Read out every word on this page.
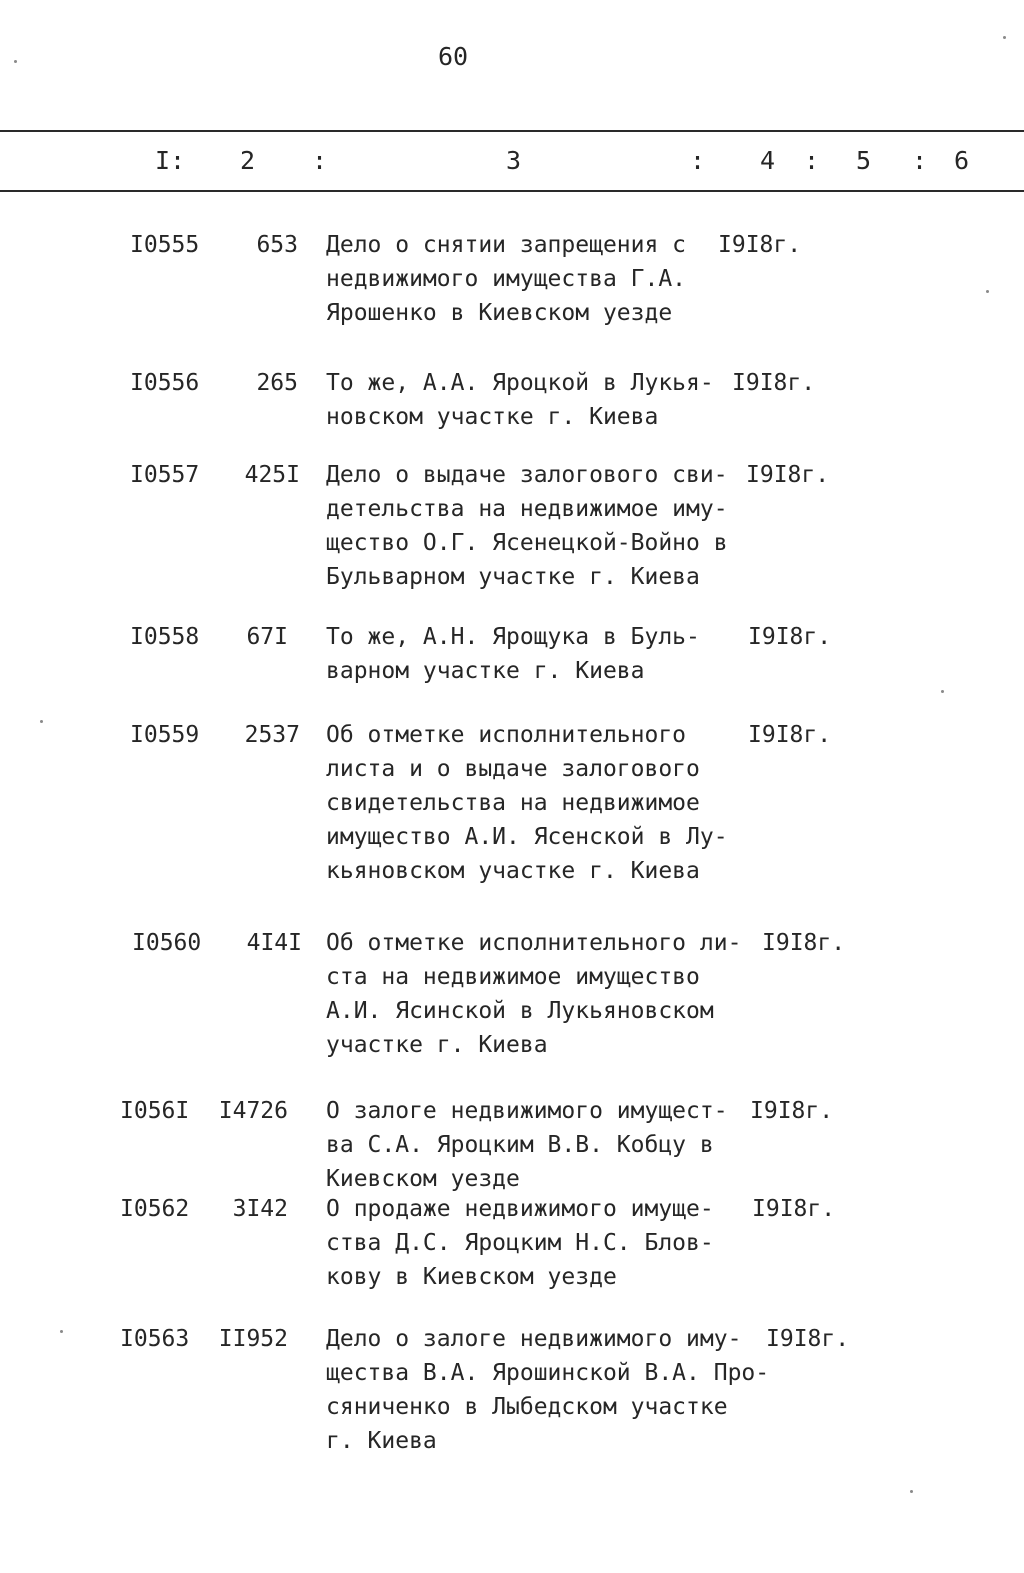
60
I: 2 :	3	: 4 : 5 : 6
I0555	653 Дело о снятии запрещения с
недвижимого имущества Г.А.
Ярошенко в Киевском уезде
I9I8г.
I0556	265 То же, А.А. Яроцкой в Лукья-
новском участке г. Киева
I9I8г.
I0557	425I Дело о выдаче залогового сви-
детельства на недвижимое иму-
щество О.Г. Ясенецкой-Войно в
Бульварном участке г. Киева
I9I8г.
I0558	67I То же, А.Н. Ярощука в Буль-
варном участке г. Киева
I9I8г.
I0559	2537 Об отметке исполнительного
листа и о выдаче залогового
свидетельства на недвижимое
имущество А.И. Ясенской в Лу-
кьяновском участке г. Киева
I9I8г.
I0560	4I4I Об отметке исполнительного ли-
ста на недвижимое имущество
А.И. Ясинской в Лукьяновском
участке г. Киева
I9I8г.
I056I	I4726 О залоге недвижимого имущест-
ва С.А. Яроцким В.В. Кобцу в
Киевском уезде
I9I8г.
I0562	3I42 О продаже недвижимого имуще-
ства Д.С. Яроцким Н.С. Блов-
кову в Киевском уезде
I9I8г.
I0563	II952 Дело о залоге недвижимого иму-
щества В.А. Ярошинской В.А. Про-
сяниченко в Лыбедском участке
г. Киева
I9I8г.
